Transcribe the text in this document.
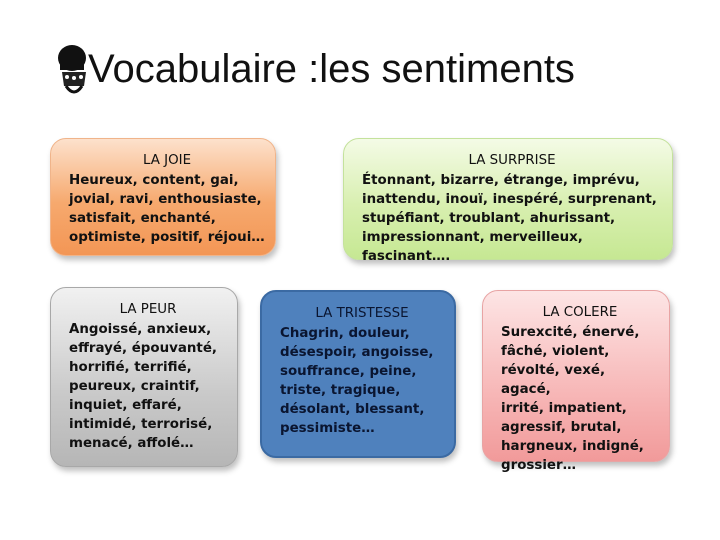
Vocabulaire :les sentiments
LA JOIE
Heureux, content, gai,
jovial, ravi, enthousiaste,
satisfait, enchanté,
optimiste, positif, réjoui…
LA SURPRISE
Étonnant, bizarre, étrange, imprévu,
inattendu, inouï, inespéré, surprenant,
stupéfiant, troublant, ahurissant,
impressionnant, merveilleux, fascinant….
LA PEUR
Angoissé, anxieux,
effrayé, épouvanté,
horrifié, terrifié,
peureux, craintif,
inquiet, effaré,
intimidé, terrorisé,
menacé, affolé…
LA TRISTESSE
Chagrin, douleur,
désespoir, angoisse,
souffrance, peine,
triste, tragique,
désolant, blessant,
pessimiste…
LA COLERE
Surexcité, énervé,
fâché, violent,
révolté, vexé, agacé,
irrité, impatient,
agressif, brutal,
hargneux, indigné,
grossier…
